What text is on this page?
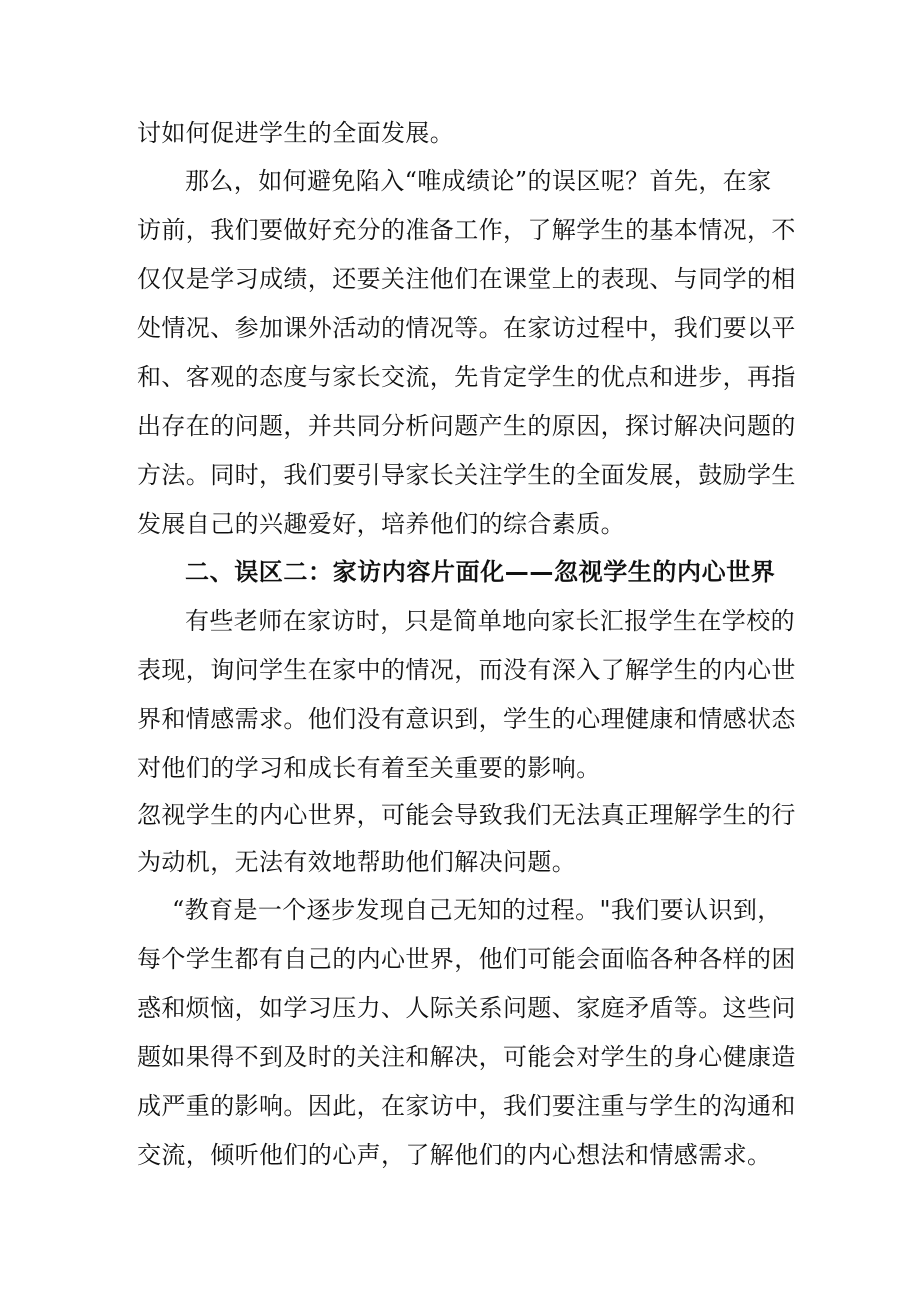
讨如何促进学生的全面发展。
那么，如何避免陷入“唯成绩论”的误区呢？首先，在家
访前，我们要做好充分的准备工作，了解学生的基本情况，不
仅仅是学习成绩，还要关注他们在课堂上的表现、与同学的相
处情况、参加课外活动的情况等。在家访过程中，我们要以平
和、客观的态度与家长交流，先肯定学生的优点和进步，再指
出存在的问题，并共同分析问题产生的原因，探讨解决问题的
方法。同时，我们要引导家长关注学生的全面发展，鼓励学生
发展自己的兴趣爱好，培养他们的综合素质。
二、误区二：家访内容片面化——忽视学生的内心世界
有些老师在家访时，只是简单地向家长汇报学生在学校的
表现，询问学生在家中的情况，而没有深入了解学生的内心世
界和情感需求。他们没有意识到，学生的心理健康和情感状态
对他们的学习和成长有着至关重要的影响。
忽视学生的内心世界，可能会导致我们无法真正理解学生的行
为动机，无法有效地帮助他们解决问题。
“教育是一个逐步发现自己无知的过程。"我们要认识到，
每个学生都有自己的内心世界，他们可能会面临各种各样的困
惑和烦恼，如学习压力、人际关系问题、家庭矛盾等。这些问
题如果得不到及时的关注和解决，可能会对学生的身心健康造
成严重的影响。因此，在家访中，我们要注重与学生的沟通和
交流，倾听他们的心声，了解他们的内心想法和情感需求。
